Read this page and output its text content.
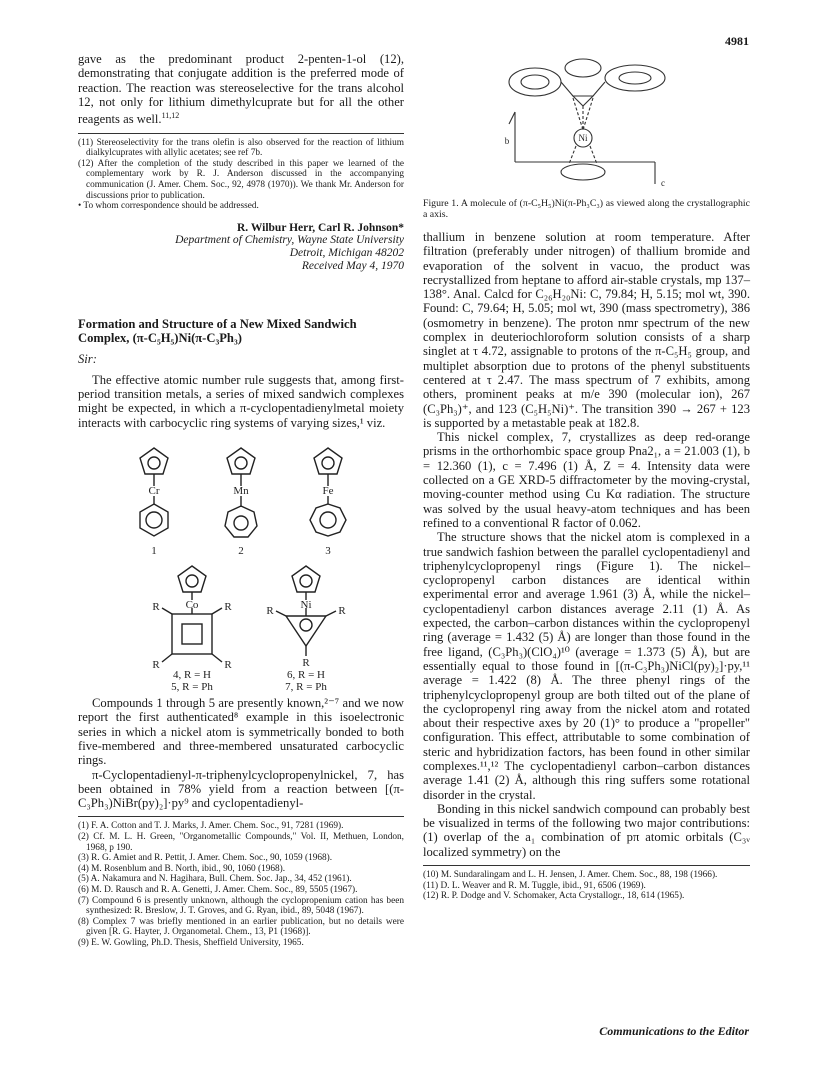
4981

gave as the predominant product 2-penten-1-ol (12), demonstrating that conjugate addition is the preferred mode of reaction. The reaction was stereoselective for the trans alcohol 12, not only for lithium dimethylcuprate but for all the other reagents as well.$^{11,12}$

(11) Stereoselectivity for the trans olefin is also observed for the reaction of lithium dialkylcuprates with allylic acetates; see ref 7b.

(12) After the completion of the study described in this paper we learned of the complementary work by R. J. Anderson discussed in the accompanying communication (J. Amer. Chem. Soc., 92, 4978 (1970)). We thank Mr. Anderson for discussions prior to publication.

• To whom correspondence should be addressed.

R. Wilbur Herr, Carl R. Johnson*
Department of Chemistry, Wayne State University
Detroit, Michigan 48202
Received May 4, 1970
Formation and Structure of a New Mixed Sandwich Complex, (π-C₅H₅)Ni(π-C₃Ph₃)
Sir:

The effective atomic number rule suggests that, among first-period transition metals, a series of mixed sandwich complexes might be expected, in which a π-cyclopentadienylmetal moiety interacts with carbocyclic ring systems of varying sizes,¹ viz.

Cr	Mn	Fe
1	2	3
Co	Ni
R	R
R	R
R	R
R
4, R = H
5, R = Ph
6, R = H
7, R = Ph

Compounds 1 through 5 are presently known,²⁻⁷ and we now report the first authenticated⁸ example in this isoelectronic series in which a nickel atom is symmetrically bonded to both five-membered and three-membered unsaturated carbocyclic rings.

π-Cyclopentadienyl-π-triphenylcyclopropenylnickel, 7, has been obtained in 78% yield from a reaction between [(π-C₃Ph₃)NiBr(py)₂]·py⁹ and cyclopentadienyl-

(1) F. A. Cotton and T. J. Marks, J. Amer. Chem. Soc., 91, 7281 (1969).

(2) Cf. M. L. H. Green, "Organometallic Compounds," Vol. II, Methuen, London, 1968, p 190.

(3) R. G. Amiet and R. Pettit, J. Amer. Chem. Soc., 90, 1059 (1968).

(4) M. Rosenblum and B. North, ibid., 90, 1060 (1968).

(5) A. Nakamura and N. Hagihara, Bull. Chem. Soc. Jap., 34, 452 (1961).

(6) M. D. Rausch and R. A. Genetti, J. Amer. Chem. Soc., 89, 5505 (1967).

(7) Compound 6 is presently unknown, although the cyclopropenium cation has been synthesized: R. Breslow, J. T. Groves, and G. Ryan, ibid., 89, 5048 (1967).

(8) Complex 7 was briefly mentioned in an earlier publication, but no details were given [R. G. Hayter, J. Organometal. Chem., 13, P1 (1968)].

(9) E. W. Gowling, Ph.D. Thesis, Sheffield University, 1965.

Ni
b
c

Figure 1. A molecule of (π-C₅H₅)Ni(π-Ph₃C₃) as viewed along the crystallographic a axis.

thallium in benzene solution at room temperature. After filtration (preferably under nitrogen) of thallium bromide and evaporation of the solvent in vacuo, the product was recrystallized from heptane to afford air-stable crystals, mp 137–138°. Anal. Calcd for C₂₆H₂₀Ni: C, 79.84; H, 5.15; mol wt, 390. Found: C, 79.64; H, 5.05; mol wt, 390 (mass spectrometry), 386 (osmometry in benzene). The proton nmr spectrum of the new complex in deuteriochloroform solution consists of a sharp singlet at τ 4.72, assignable to protons of the π-C₅H₅ group, and multiplet absorption due to protons of the phenyl substituents centered at τ 2.47. The mass spectrum of 7 exhibits, among others, prominent peaks at m/e 390 (molecular ion), 267 (C₃Ph₃)⁺, and 123 (C₅H₅Ni)⁺. The transition 390 → 267 + 123 is supported by a metastable peak at 182.8.

This nickel complex, 7, crystallizes as deep red-orange prisms in the orthorhombic space group Pna2₁, a = 21.003 (1), b = 12.360 (1), c = 7.496 (1) Å, Z = 4. Intensity data were collected on a GE XRD-5 diffractometer by the moving-crystal, moving-counter method using Cu Kα radiation. The structure was solved by the usual heavy-atom techniques and has been refined to a conventional R factor of 0.062.

The structure shows that the nickel atom is complexed in a true sandwich fashion between the parallel cyclopentadienyl and triphenylcyclopropenyl rings (Figure 1). The nickel–cyclopropenyl carbon distances are identical within experimental error and average 1.961 (3) Å, while the nickel–cyclopentadienyl carbon distances average 2.11 (1) Å. As expected, the carbon–carbon distances within the cyclopropenyl ring (average = 1.432 (5) Å) are longer than those found in the free ligand, (C₃Ph₃)(ClO₄)¹⁰ (average = 1.373 (5) Å), but are essentially equal to those found in [(π-C₃Ph₃)NiCl(py)₂]·py,¹¹ average = 1.422 (8) Å. The three phenyl rings of the triphenylcyclopropenyl group are both tilted out of the plane of the cyclopropenyl ring away from the nickel atom and rotated about their respective axes by 20 (1)° to produce a "propeller" configuration. This effect, attributable to some combination of steric and hybridization factors, has been found in other similar complexes.¹¹,¹² The cyclopentadienyl carbon–carbon distances average 1.41 (2) Å, although this ring suffers some rotational disorder in the crystal.

Bonding in this nickel sandwich compound can probably best be visualized in terms of the following two major contributions: (1) overlap of the a₁ combination of pπ atomic orbitals (C₃ᵥ localized symmetry) on the

(10) M. Sundaralingam and L. H. Jensen, J. Amer. Chem. Soc., 88, 198 (1966).

(11) D. L. Weaver and R. M. Tuggle, ibid., 91, 6506 (1969).

(12) R. P. Dodge and V. Schomaker, Acta Crystallogr., 18, 614 (1965).

Communications to the Editor
